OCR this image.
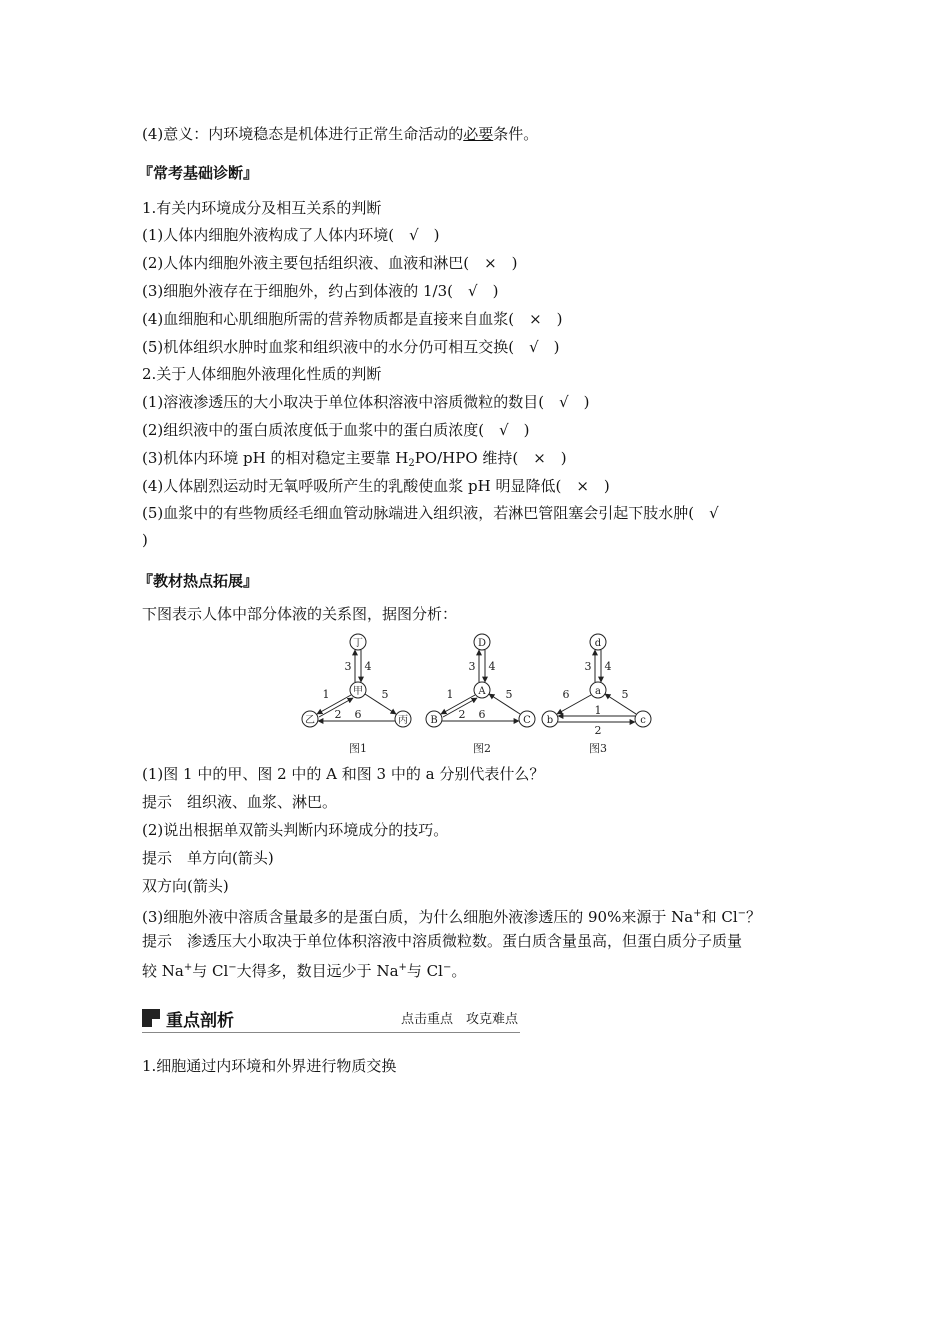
(4)意义：内环境稳态是机体进行正常生命活动的必要条件。
『常考基础诊断』
1.有关内环境成分及相互关系的判断
(1)人体内细胞外液构成了人体内环境(　√　)
(2)人体内细胞外液主要包括组织液、血液和淋巴(　×　)
(3)细胞外液存在于细胞外，约占到体液的 1/3(　√　)
(4)血细胞和心肌细胞所需的营养物质都是直接来自血浆(　×　)
(5)机体组织水肿时血浆和组织液中的水分仍可相互交换(　√　)
2.关于人体细胞外液理化性质的判断
(1)溶液渗透压的大小取决于单位体积溶液中溶质微粒的数目(　√　)
(2)组织液中的蛋白质浓度低于血浆中的蛋白质浓度(　√　)
(3)机体内环境 pH 的相对稳定主要靠 $H_2PO$/HPO 维持(　×　)
(4)人体剧烈运动时无氧呼吸所产生的乳酸使血浆 pH 明显降低(　×　)
(5)血浆中的有些物质经毛细血管动脉端进入组织液，若淋巴管阻塞会引起下肢水肿(　√
)
『教材热点拓展』
下图表示人体中部分体液的关系图，据图分析：
丁
甲
乙	丙
3 4
1
2
5
6
图1
D
A
B	C
3 4
1
2
5
6
图2
d
a
b	c
3 4
6	5
1
2
图3
(1)图 1 中的甲、图 2 中的 A 和图 3 中的 a 分别代表什么？
提示　组织液、血浆、淋巴。
(2)说出根据单双箭头判断内环境成分的技巧。
提示　单方向(箭头)
双方向(箭头)
(3)细胞外液中溶质含量最多的是蛋白质，为什么细胞外液渗透压的 90%来源于 Na+和 Cl−？
提示　渗透压大小取决于单位体积溶液中溶质微粒数。蛋白质含量虽高，但蛋白质分子质量
较 Na+与 Cl−大得多，数目远少于 Na+与 Cl−。
重点剖析	点击重点　攻克难点
1.细胞通过内环境和外界进行物质交换
